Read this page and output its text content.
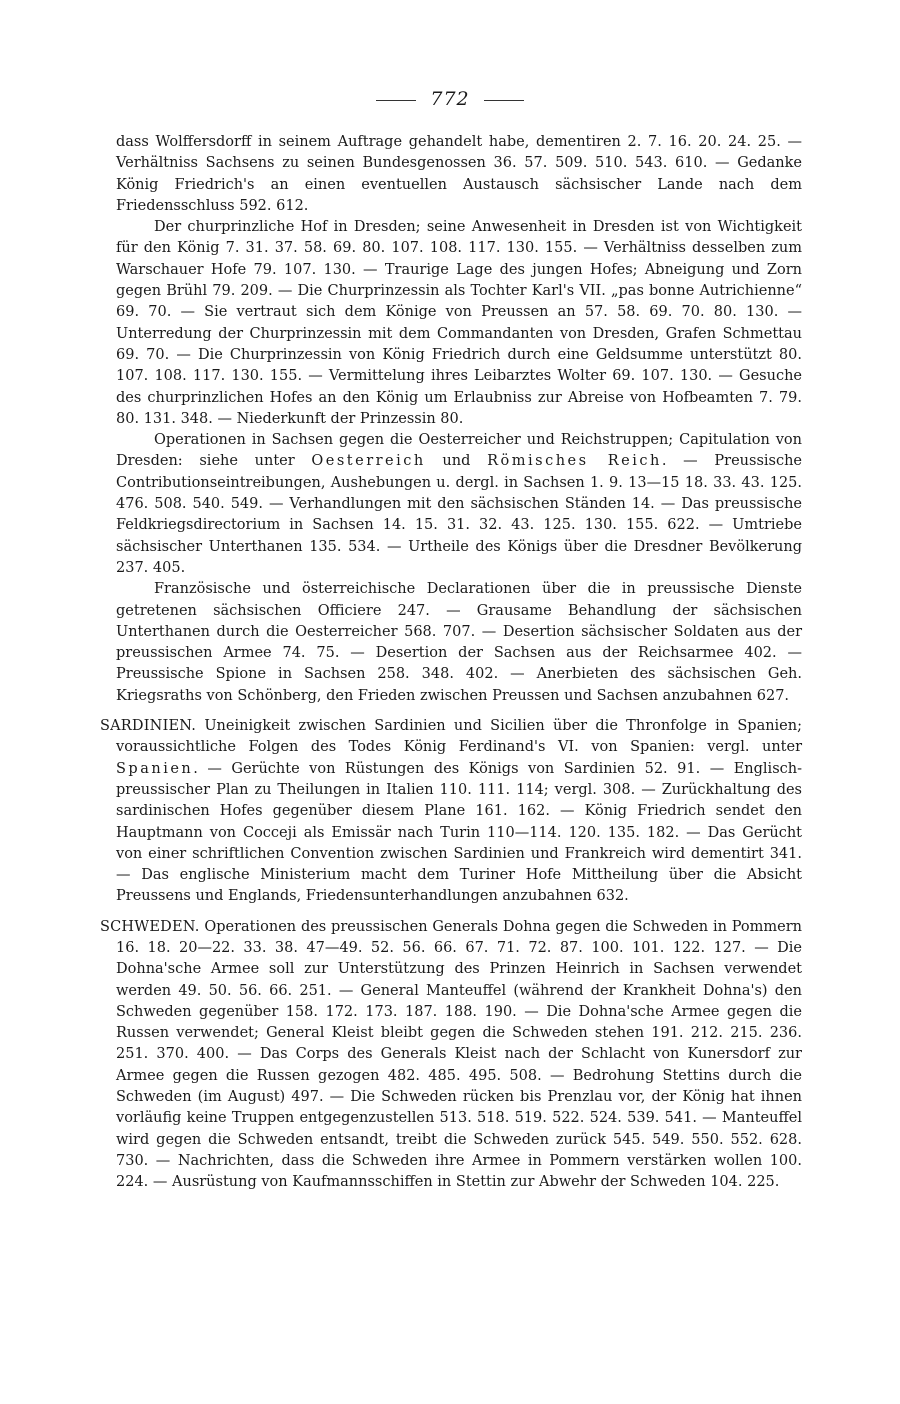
772

dass Wolffersdorff in seinem Auftrage gehandelt habe, dementiren 2. 7. 16. 20. 24. 25. — Verhältniss Sachsens zu seinen Bundesgenossen 36. 57. 509. 510. 543. 610. — Gedanke König Friedrich's an einen eventuellen Austausch sächsischer Lande nach dem Friedensschluss 592. 612.

Der churprinzliche Hof in Dresden; seine Anwesenheit in Dresden ist von Wichtigkeit für den König 7. 31. 37. 58. 69. 80. 107. 108. 117. 130. 155. — Verhältniss desselben zum Warschauer Hofe 79. 107. 130. — Traurige Lage des jungen Hofes; Abneigung und Zorn gegen Brühl 79. 209. — Die Churprinzessin als Tochter Karl's VII. „pas bonne Autrichienne“ 69. 70. — Sie vertraut sich dem Könige von Preussen an 57. 58. 69. 70. 80. 130. — Unterredung der Churprinzessin mit dem Commandanten von Dresden, Grafen Schmettau 69. 70. — Die Churprinzessin von König Friedrich durch eine Geldsumme unterstützt 80. 107. 108. 117. 130. 155. — Vermittelung ihres Leibarztes Wolter 69. 107. 130. — Gesuche des churprinzlichen Hofes an den König um Erlaubniss zur Abreise von Hofbeamten 7. 79. 80. 131. 348. — Niederkunft der Prinzessin 80.

Operationen in Sachsen gegen die Oesterreicher und Reichstruppen; Capitulation von Dresden: siehe unter Oesterreich und Römisches Reich. — Preussische Contributionseintreibungen, Aushebungen u. dergl. in Sachsen 1. 9. 13—15 18. 33. 43. 125. 476. 508. 540. 549. — Verhandlungen mit den sächsischen Ständen 14. — Das preussische Feldkriegsdirectorium in Sachsen 14. 15. 31. 32. 43. 125. 130. 155. 622. — Umtriebe sächsischer Unterthanen 135. 534. — Urtheile des Königs über die Dresdner Bevölkerung 237. 405.

Französische und österreichische Declarationen über die in preussische Dienste getretenen sächsischen Officiere 247. — Grausame Behandlung der sächsischen Unterthanen durch die Oesterreicher 568. 707. — Desertion sächsischer Soldaten aus der preussischen Armee 74. 75. — Desertion der Sachsen aus der Reichsarmee 402. — Preussische Spione in Sachsen 258. 348. 402. — Anerbieten des sächsischen Geh. Kriegsraths von Schönberg, den Frieden zwischen Preussen und Sachsen anzubahnen 627.

SARDINIEN. Uneinigkeit zwischen Sardinien und Sicilien über die Thronfolge in Spanien; voraussichtliche Folgen des Todes König Ferdinand's VI. von Spanien: vergl. unter Spanien. — Gerüchte von Rüstungen des Königs von Sardinien 52. 91. — Englisch-preussischer Plan zu Theilungen in Italien 110. 111. 114; vergl. 308. — Zurückhaltung des sardinischen Hofes gegenüber diesem Plane 161. 162. — König Friedrich sendet den Hauptmann von Cocceji als Emissär nach Turin 110—114. 120. 135. 182. — Das Gerücht von einer schriftlichen Convention zwischen Sardinien und Frankreich wird dementirt 341. — Das englische Ministerium macht dem Turiner Hofe Mittheilung über die Absicht Preussens und Englands, Friedensunterhandlungen anzubahnen 632.

SCHWEDEN. Operationen des preussischen Generals Dohna gegen die Schweden in Pommern 16. 18. 20—22. 33. 38. 47—49. 52. 56. 66. 67. 71. 72. 87. 100. 101. 122. 127. — Die Dohna'sche Armee soll zur Unterstützung des Prinzen Heinrich in Sachsen verwendet werden 49. 50. 56. 66. 251. — General Manteuffel (während der Krankheit Dohna's) den Schweden gegenüber 158. 172. 173. 187. 188. 190. — Die Dohna'sche Armee gegen die Russen verwendet; General Kleist bleibt gegen die Schweden stehen 191. 212. 215. 236. 251. 370. 400. — Das Corps des Generals Kleist nach der Schlacht von Kunersdorf zur Armee gegen die Russen gezogen 482. 485. 495. 508. — Bedrohung Stettins durch die Schweden (im August) 497. — Die Schweden rücken bis Prenzlau vor, der König hat ihnen vorläufig keine Truppen entgegenzustellen 513. 518. 519. 522. 524. 539. 541. — Manteuffel wird gegen die Schweden entsandt, treibt die Schweden zurück 545. 549. 550. 552. 628. 730. — Nachrichten, dass die Schweden ihre Armee in Pommern verstärken wollen 100. 224. — Ausrüstung von Kaufmannsschiffen in Stettin zur Abwehr der Schweden 104. 225.
